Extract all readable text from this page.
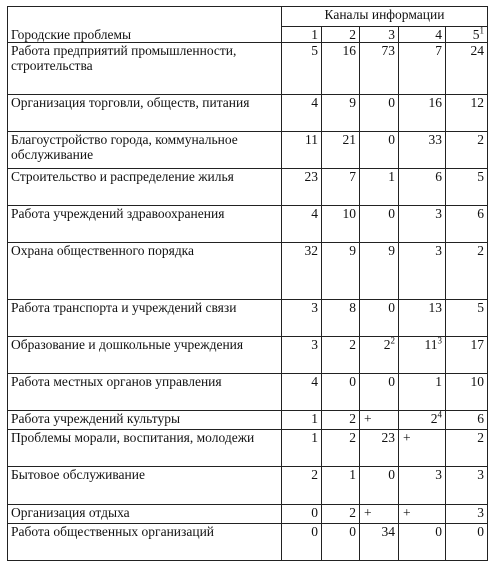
Городские проблемы	Каналы информации				
	1	2	3	4	$5^1$
Работа предприятий промышленности, строительства	5	16	73	7	24
Организация торговли, обществ, питания	4	9	0	16	12
Благоустройство города, коммунальное обслуживание	11	21	0	33	2
Строительство и распределение жилья	23	7	1	6	5
Работа учреждений здравоохранения	4	10	0	3	6
Охрана общественного порядка	32	9	9	3	2
Работа транспорта и учреждений связи	3	8	0	13	5
Образование и дошкольные учреждения	3	2	$2^2$	$11^3$	17
Работа местных органов управления	4	0	0	1	10
Работа учреждений культуры	1	2	+	$2^4$	6
Проблемы морали, воспитания, молодежи	1	2	23	+	2
Бытовое обслуживание	2	1	0	3	3
Организация отдыха	0	2	+	+	3
Работа общественных организаций	0	0	34	0	0
